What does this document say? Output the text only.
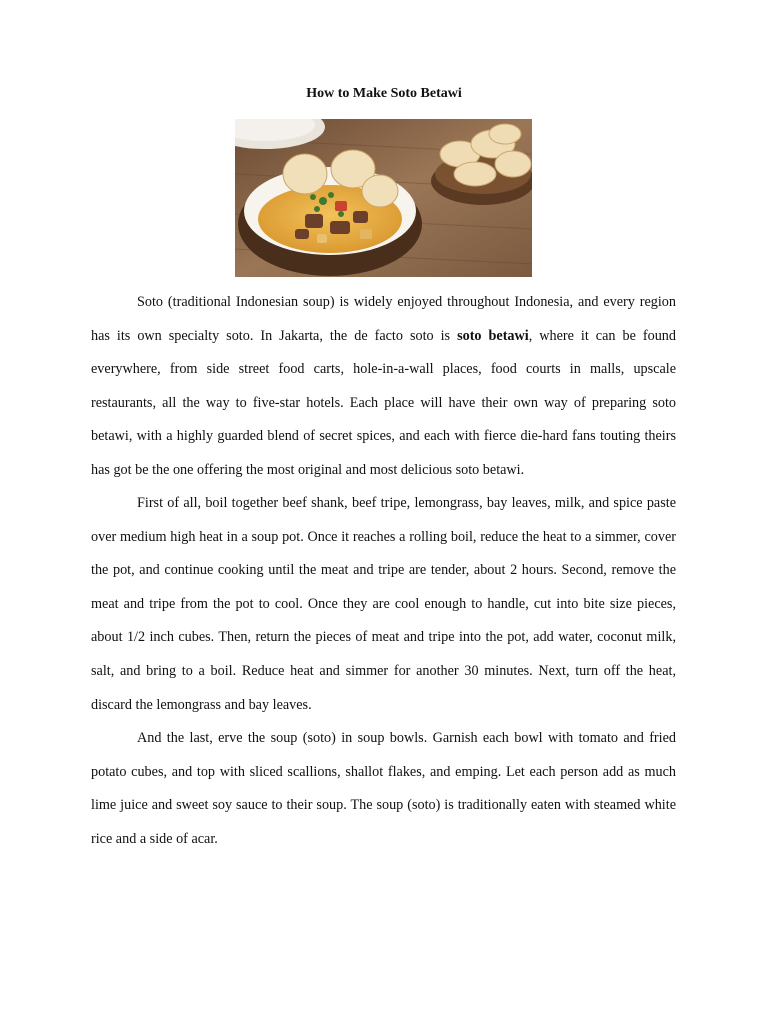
How to Make Soto Betawi

Soto (traditional Indonesian soup) is widely enjoyed throughout Indonesia, and every region has its own specialty soto. In Jakarta, the de facto soto is soto betawi, where it can be found everywhere, from side street food carts, hole-in-a-wall places, food courts in malls, upscale restaurants, all the way to five-star hotels. Each place will have their own way of preparing soto betawi, with a highly guarded blend of secret spices, and each with fierce die-hard fans touting theirs has got be the one offering the most original and most delicious soto betawi.

First of all, boil together beef shank, beef tripe, lemongrass, bay leaves, milk, and spice paste over medium high heat in a soup pot. Once it reaches a rolling boil, reduce the heat to a simmer, cover the pot, and continue cooking until the meat and tripe are tender, about 2 hours. Second, remove the meat and tripe from the pot to cool. Once they are cool enough to handle, cut into bite size pieces, about 1/2 inch cubes. Then, return the pieces of meat and tripe into the pot, add water, coconut milk, salt, and bring to a boil. Reduce heat and simmer for another 30 minutes. Next, turn off the heat, discard the lemongrass and bay leaves.

And the last, erve the soup (soto) in soup bowls. Garnish each bowl with tomato and fried potato cubes, and top with sliced scallions, shallot flakes, and emping. Let each person add as much lime juice and sweet soy sauce to their soup. The soup (soto) is traditionally eaten with steamed white rice and a side of acar.
